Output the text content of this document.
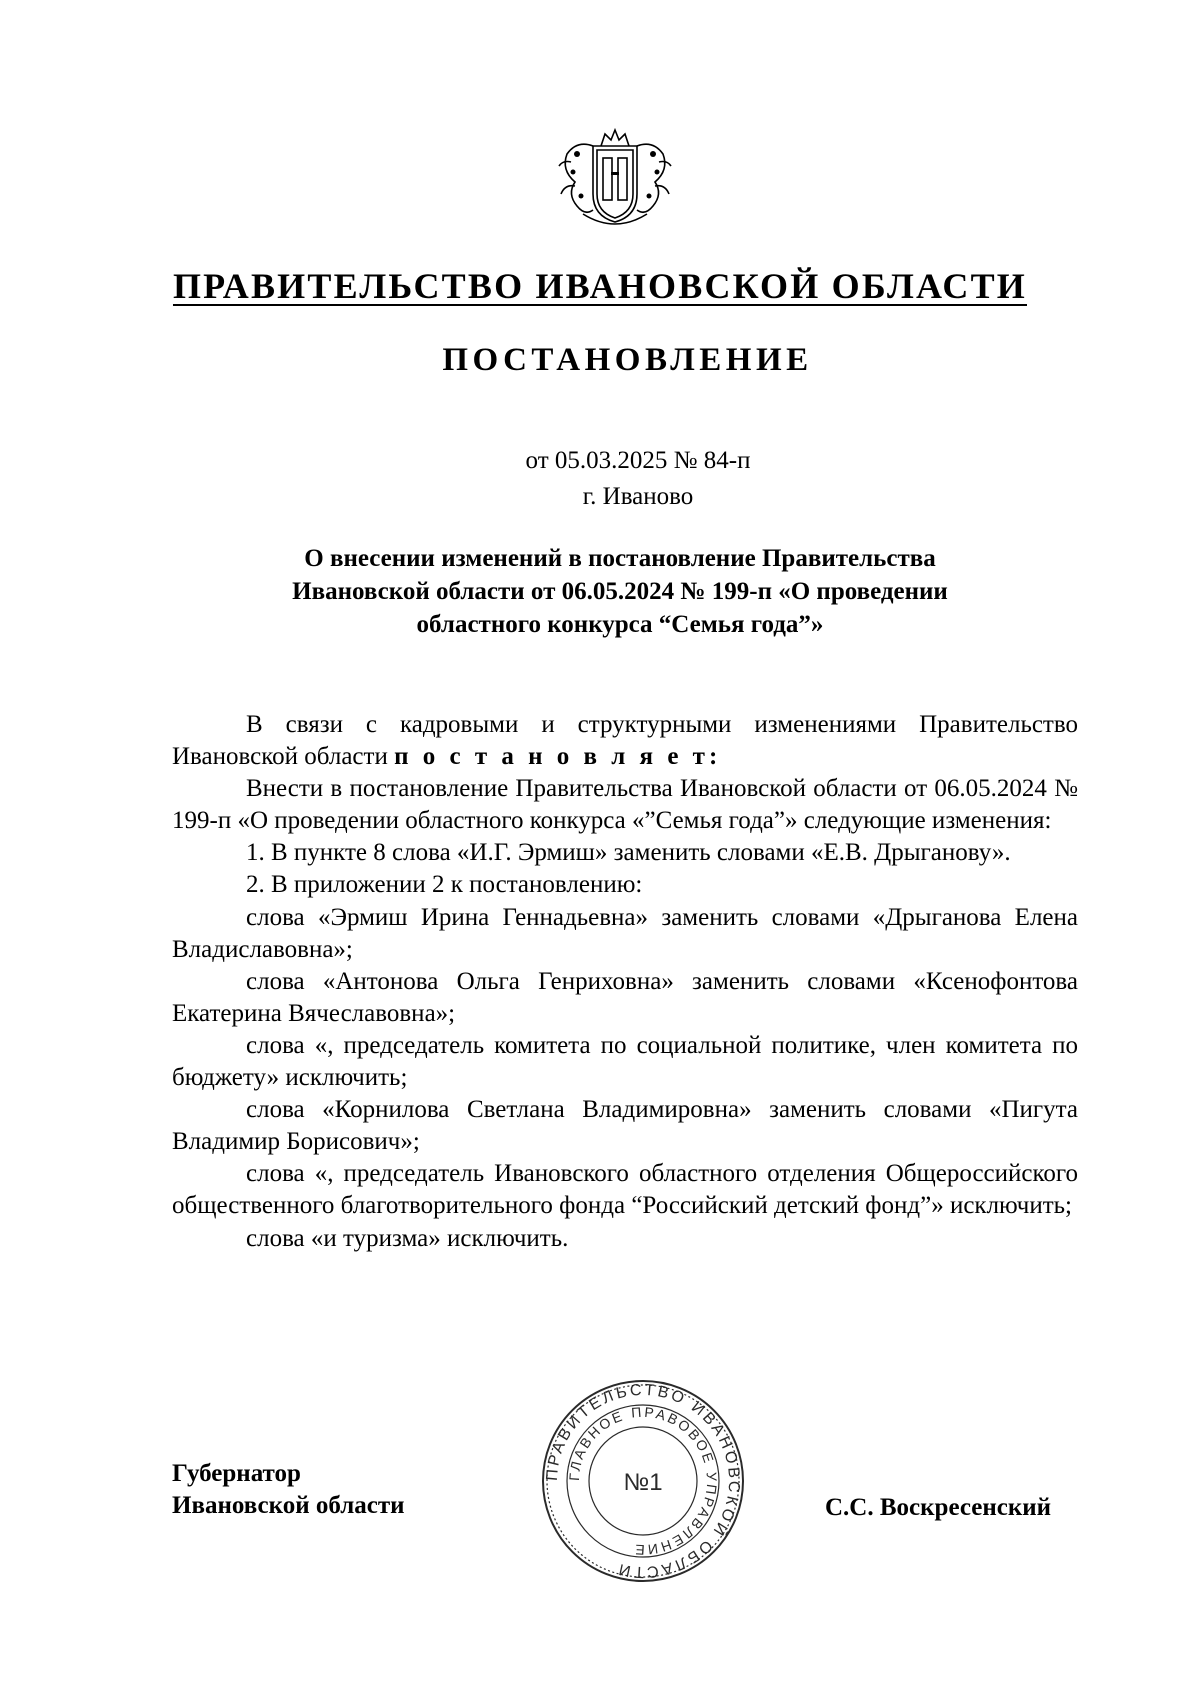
ПРАВИТЕЛЬСТВО ИВАНОВСКОЙ ОБЛАСТИ
ПОСТАНОВЛЕНИЕ
от 05.03.2025 № 84-п
г. Иваново
О внесении изменений в постановление Правительства
Ивановской области от 06.05.2024 № 199-п «О проведении
областного конкурса “Семья года”»

В связи с кадровыми и структурными изменениями Правительство Ивановской области п о с т а н о в л я е т:

Внести в постановление Правительства Ивановской области от 06.05.2024 № 199-п «О проведении областного конкурса «”Семья года”» следующие изменения:

1. В пункте 8 слова «И.Г. Эрмиш» заменить словами «Е.В. Дрыганову».

2. В приложении 2 к постановлению:

слова «Эрмиш Ирина Геннадьевна» заменить словами «Дрыганова Елена Владиславовна»;

слова «Антонова Ольга Генриховна» заменить словами «Ксенофонтова Екатерина Вячеславовна»;

слова «, председатель комитета по социальной политике, член комитета по бюджету» исключить;

слова «Корнилова Светлана Владимировна» заменить словами «Пигута Владимир Борисович»;

слова «, председатель Ивановского областного отделения Общероссийского общественного благотворительного фонда “Российский детский фонд”» исключить;

слова «и туризма» исключить.

Губернатор
Ивановской области
ПРАВИТЕЛЬСТВО ИВАНОВСКОЙ ОБЛАСТИ
ГЛАВНОЕ ПРАВОВОЕ УПРАВЛЕНИЕ
№1
С.С. Воскресенский
